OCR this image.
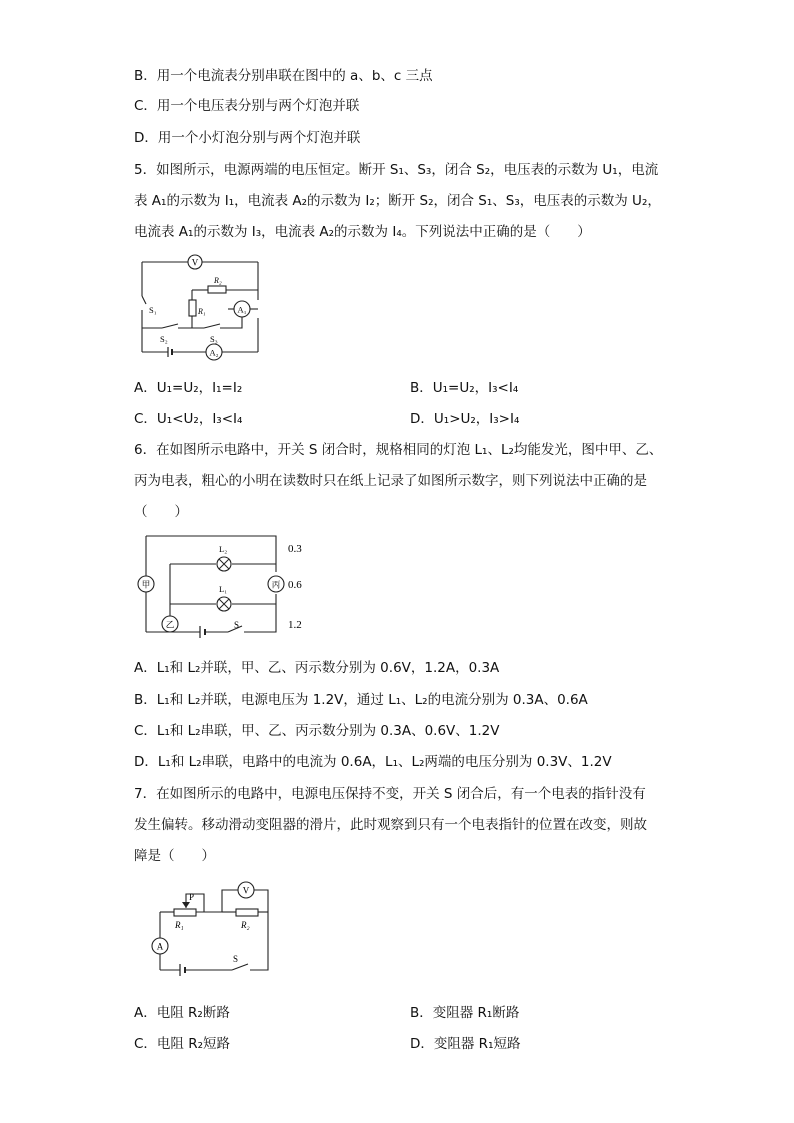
B．用一个电流表分别串联在图中的 a、b、c 三点
C．用一个电压表分别与两个灯泡并联
D．用一个小灯泡分别与两个灯泡并联
5．如图所示，电源两端的电压恒定。断开 S₁、S₃，闭合 S₂，电压表的示数为 U₁，电流
表 A₁的示数为 I₁，电流表 A₂的示数为 I₂；断开 S₂，闭合 S₁、S₃，电压表的示数为 U₂，
电流表 A₁的示数为 I₃，电流表 A₂的示数为 I₄。下列说法中正确的是（　　）
V
S₁	A₁
R₂
R₁
S₂	S₃
A₂
A．U₁=U₂，I₁=I₂	B．U₁=U₂，I₃<I₄
C．U₁<U₂，I₃<I₄	D．U₁>U₂，I₃>I₄
6．在如图所示电路中，开关 S 闭合时，规格相同的灯泡 L₁、L₂均能发光，图中甲、乙、
丙为电表，粗心的小明在读数时只在纸上记录了如图所示数字，则下列说法中正确的是
（　　）
甲	丙
S
L₂
L₁
乙
0.3
0.6
1.2
A．L₁和 L₂并联，甲、乙、丙示数分别为 0.6V，1.2A，0.3A
B．L₁和 L₂并联，电源电压为 1.2V，通过 L₁、L₂的电流分别为 0.3A、0.6A
C．L₁和 L₂串联，甲、乙、丙示数分别为 0.3A、0.6V、1.2V
D．L₁和 L₂串联，电路中的电流为 0.6A，L₁、L₂两端的电压分别为 0.3V、1.2V
7．在如图所示的电路中，电源电压保持不变，开关 S 闭合后，有一个电表的指针没有
发生偏转。移动滑动变阻器的滑片，此时观察到只有一个电表指针的位置在改变，则故
障是（　　）
V
P
R₁	R₂
A
S
A．电阻 R₂断路	B．变阻器 R₁断路
C．电阻 R₂短路	D．变阻器 R₁短路
